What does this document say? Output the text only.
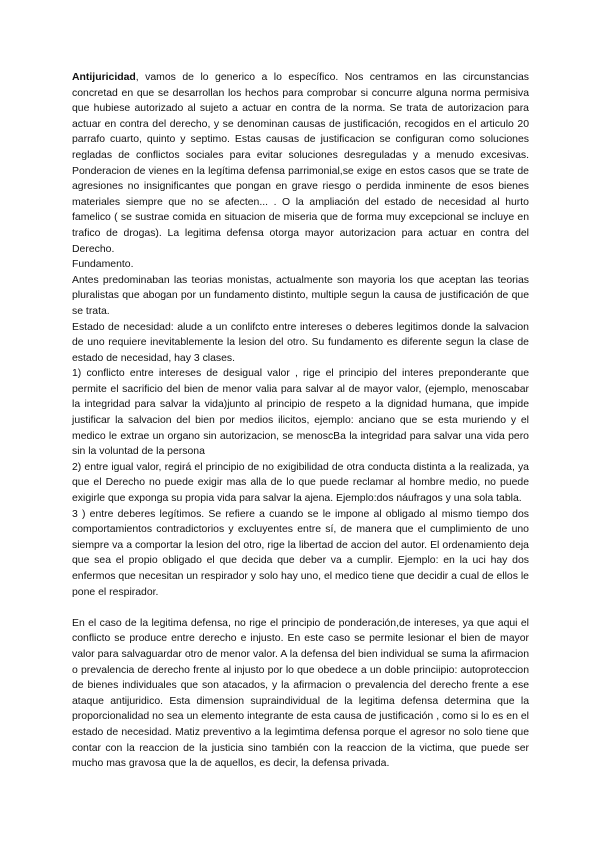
Antijuricidad, vamos de lo generico a lo específico. Nos centramos en las circunstancias concretad en que se desarrollan los hechos para comprobar si concurre alguna norma permisiva que hubiese autorizado al sujeto a actuar en contra de la norma. Se trata de autorizacion para actuar en contra del derecho, y se denominan causas de justificación, recogidos en el articulo 20 parrafo cuarto, quinto y septimo. Estas causas de justificacion se configuran como soluciones regladas de conflictos sociales para evitar soluciones desreguladas y a menudo excesivas. Ponderacion de vienes en la legítima defensa parrimonial,se exige en estos casos que se trate de agresiones no insignificantes que pongan en grave riesgo o perdida inminente de esos bienes materiales siempre que no se afecten... . O la ampliación del estado de necesidad al hurto famelico ( se sustrae comida en situacion de miseria que de forma muy excepcional se incluye en trafico de drogas). La legitima defensa otorga mayor autorizacion para actuar en contra del Derecho.

Fundamento.

Antes predominaban las teorias monistas, actualmente son mayoria los que aceptan las teorias pluralistas que abogan por un fundamento distinto, multiple segun la causa de justificación de que se trata.

Estado de necesidad: alude a un conlifcto entre intereses o deberes legitimos donde la salvacion de uno requiere inevitablemente la lesion del otro. Su fundamento es diferente segun la clase de estado de necesidad, hay 3 clases.

1) conflicto entre intereses de desigual valor , rige el principio del interes preponderante que permite el sacrificio del bien de menor valia para salvar al de mayor valor, (ejemplo, menoscabar la integridad para salvar la vida)junto al principio de respeto a la dignidad humana, que impide justificar la salvacion del bien por medios ilicitos, ejemplo: anciano que se esta muriendo y el medico le extrae un organo sin autorizacion, se menoscBa la integridad para salvar una vida pero sin la voluntad de la persona

2) entre igual valor, regirá el principio de no exigibilidad de otra conducta distinta a la realizada, ya que el Derecho no puede exigir mas alla de lo que puede reclamar al hombre medio, no puede exigirle que exponga su propia vida para salvar la ajena. Ejemplo:dos náufragos y una sola tabla.

3 ) entre deberes legítimos. Se refiere a cuando se le impone al obligado al mismo tiempo dos comportamientos contradictorios y excluyentes entre sí, de manera que el cumplimiento de uno siempre va a comportar la lesion del otro, rige la libertad de accion del autor. El ordenamiento deja que sea el propio obligado el que decida que deber va a cumplir. Ejemplo: en la uci hay dos enfermos que necesitan un respirador y solo hay uno, el medico tiene que decidir a cual de ellos le pone el respirador.

En el caso de la legitima defensa, no rige el principio de ponderación,de intereses, ya que aqui el conflicto se produce entre derecho e injusto. En este caso se permite lesionar el bien de mayor valor para salvaguardar otro de menor valor. A la defensa del bien individual se suma la afirmacion o prevalencia de derecho frente al injusto por lo que obedece a un doble princiipio: autoproteccion de bienes individuales que son atacados, y la afirmacion o prevalencia del derecho frente a ese ataque antijuridico. Esta dimension supraindividual de la legitima defensa determina que la proporcionalidad no sea un elemento integrante de esta causa de justificación , como si lo es en el estado de necesidad. Matiz preventivo a la legimtima defensa porque el agresor no solo tiene que contar con la reaccion de la justicia sino también con la reaccion de la victima, que puede ser mucho mas gravosa que la de aquellos, es decir, la defensa privada.
